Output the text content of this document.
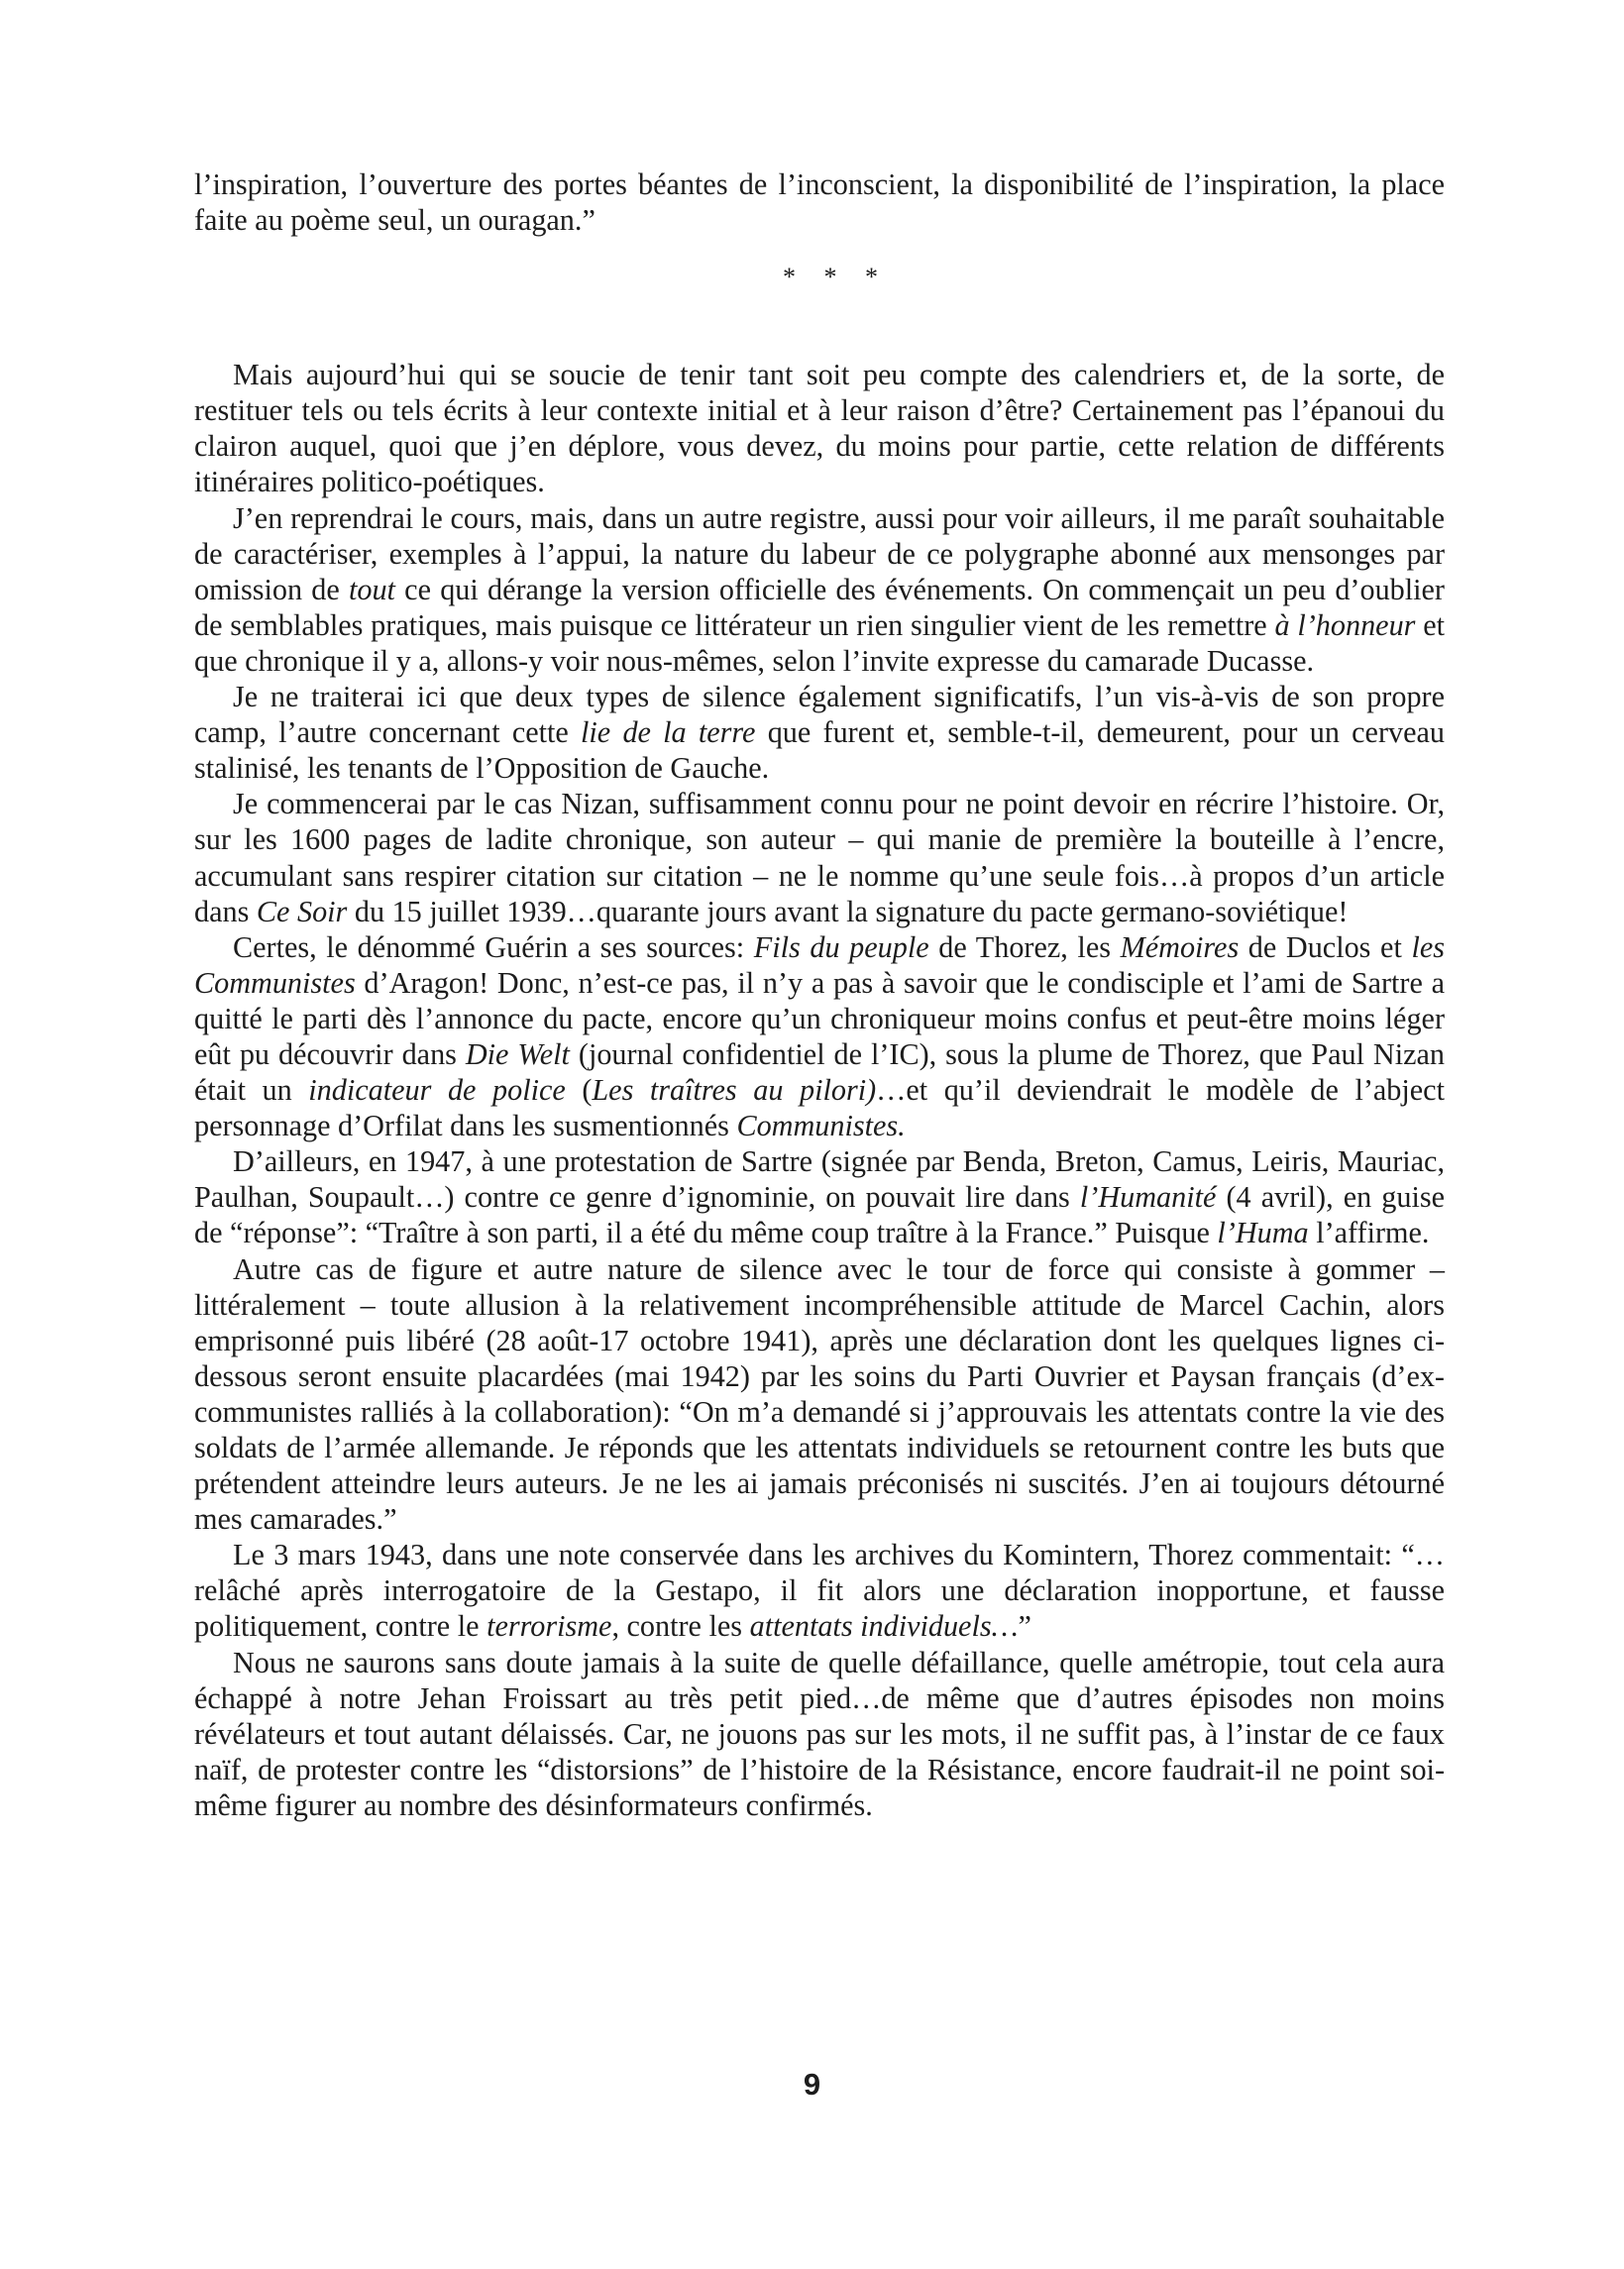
l’inspiration, l’ouverture des portes béantes de l’inconscient, la disponibilité de l’inspiration, la place faite au poème seul, un ouragan.”

* * *

Mais aujourd’hui qui se soucie de tenir tant soit peu compte des calendriers et, de la sorte, de restituer tels ou tels écrits à leur contexte initial et à leur raison d’être? Certainement pas l’épanoui du clairon auquel, quoi que j’en déplore, vous devez, du moins pour partie, cette relation de différents itinéraires politico-poétiques.

J’en reprendrai le cours, mais, dans un autre registre, aussi pour voir ailleurs, il me paraît souhaitable de caractériser, exemples à l’appui, la nature du labeur de ce polygraphe abonné aux mensonges par omission de tout ce qui dérange la version officielle des événements. On commençait un peu d’oublier de semblables pratiques, mais puisque ce littérateur un rien singulier vient de les remettre à l’honneur et que chronique il y a, allons-y voir nous-mêmes, selon l’invite expresse du camarade Ducasse.

Je ne traiterai ici que deux types de silence également significatifs, l’un vis-à-vis de son propre camp, l’autre concernant cette lie de la terre que furent et, semble-t-il, demeurent, pour un cerveau stalinisé, les tenants de l’Opposition de Gauche.

Je commencerai par le cas Nizan, suffisamment connu pour ne point devoir en récrire l’histoire. Or, sur les 1600 pages de ladite chronique, son auteur – qui manie de première la bouteille à l’encre, accumulant sans respirer citation sur citation – ne le nomme qu’une seule fois…à propos d’un article dans Ce Soir du 15 juillet 1939…quarante jours avant la signature du pacte germano-soviétique!

Certes, le dénommé Guérin a ses sources: Fils du peuple de Thorez, les Mémoires de Duclos et les Communistes d’Aragon! Donc, n’est-ce pas, il n’y a pas à savoir que le condisciple et l’ami de Sartre a quitté le parti dès l’annonce du pacte, encore qu’un chroniqueur moins confus et peut-être moins léger eût pu découvrir dans Die Welt (journal confidentiel de l’IC), sous la plume de Thorez, que Paul Nizan était un indicateur de police (Les traîtres au pilori)…et qu’il deviendrait le modèle de l’abject personnage d’Orfilat dans les susmentionnés Communistes.

D’ailleurs, en 1947, à une protestation de Sartre (signée par Benda, Breton, Camus, Leiris, Mauriac, Paulhan, Soupault…) contre ce genre d’ignominie, on pouvait lire dans l’Humanité (4 avril), en guise de “réponse”: “Traître à son parti, il a été du même coup traître à la France.” Puisque l’Huma l’affirme.

Autre cas de figure et autre nature de silence avec le tour de force qui consiste à gommer – littéralement – toute allusion à la relativement incompréhensible attitude de Marcel Cachin, alors emprisonné puis libéré (28 août-17 octobre 1941), après une déclaration dont les quelques lignes ci-dessous seront ensuite placardées (mai 1942) par les soins du Parti Ouvrier et Paysan français (d’ex-communistes ralliés à la collaboration): “On m’a demandé si j’approuvais les attentats contre la vie des soldats de l’armée allemande. Je réponds que les attentats individuels se retournent contre les buts que prétendent atteindre leurs auteurs. Je ne les ai jamais préconisés ni suscités. J’en ai toujours détourné mes camarades.”

Le 3 mars 1943, dans une note conservée dans les archives du Komintern, Thorez commentait: “…relâché après interrogatoire de la Gestapo, il fit alors une déclaration inopportune, et fausse politiquement, contre le terrorisme, contre les attentats individuels…”

Nous ne saurons sans doute jamais à la suite de quelle défaillance, quelle amétropie, tout cela aura échappé à notre Jehan Froissart au très petit pied…de même que d’autres épisodes non moins révélateurs et tout autant délaissés. Car, ne jouons pas sur les mots, il ne suffit pas, à l’instar de ce faux naïf, de protester contre les “distorsions” de l’histoire de la Résistance, encore faudrait-il ne point soi-même figurer au nombre des désinformateurs confirmés.

9
